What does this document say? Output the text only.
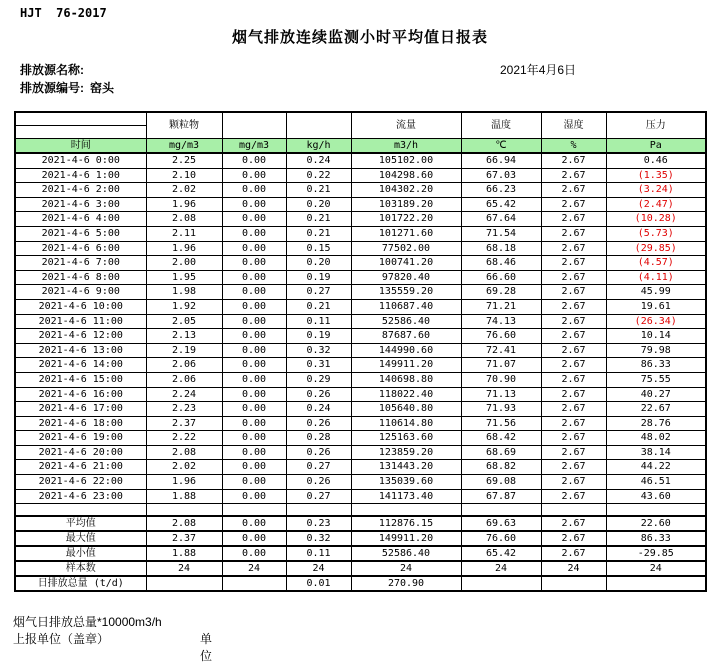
HJT  76-2017
烟气排放连续监测小时平均值日报表
排放源名称:	2021年4月6日
排放源编号: 窑头
	颗粒物			流量	温度	湿度	压力

时间	mg/m3	mg/m3	kg/h	m3/h	℃	%	Pa
2021-4-6 0:00	2.25	0.00	0.24	105102.00	66.94	2.67	0.46
2021-4-6 1:00	2.10	0.00	0.22	104298.60	67.03	2.67	(1.35)
2021-4-6 2:00	2.02	0.00	0.21	104302.20	66.23	2.67	(3.24)
2021-4-6 3:00	1.96	0.00	0.20	103189.20	65.42	2.67	(2.47)
2021-4-6 4:00	2.08	0.00	0.21	101722.20	67.64	2.67	(10.28)
2021-4-6 5:00	2.11	0.00	0.21	101271.60	71.54	2.67	(5.73)
2021-4-6 6:00	1.96	0.00	0.15	77502.00	68.18	2.67	(29.85)
2021-4-6 7:00	2.00	0.00	0.20	100741.20	68.46	2.67	(4.57)
2021-4-6 8:00	1.95	0.00	0.19	97820.40	66.60	2.67	(4.11)
2021-4-6 9:00	1.98	0.00	0.27	135559.20	69.28	2.67	45.99
2021-4-6 10:00	1.92	0.00	0.21	110687.40	71.21	2.67	19.61
2021-4-6 11:00	2.05	0.00	0.11	52586.40	74.13	2.67	(26.34)
2021-4-6 12:00	2.13	0.00	0.19	87687.60	76.60	2.67	10.14
2021-4-6 13:00	2.19	0.00	0.32	144990.60	72.41	2.67	79.98
2021-4-6 14:00	2.06	0.00	0.31	149911.20	71.07	2.67	86.33
2021-4-6 15:00	2.06	0.00	0.29	140698.80	70.90	2.67	75.55
2021-4-6 16:00	2.24	0.00	0.26	118022.40	71.13	2.67	40.27
2021-4-6 17:00	2.23	0.00	0.24	105640.80	71.93	2.67	22.67
2021-4-6 18:00	2.37	0.00	0.26	110614.80	71.56	2.67	28.76
2021-4-6 19:00	2.22	0.00	0.28	125163.60	68.42	2.67	48.02
2021-4-6 20:00	2.08	0.00	0.26	123859.20	68.69	2.67	38.14
2021-4-6 21:00	2.02	0.00	0.27	131443.20	68.82	2.67	44.22
2021-4-6 22:00	1.96	0.00	0.26	135039.60	69.08	2.67	46.51
2021-4-6 23:00	1.88	0.00	0.27	141173.40	67.87	2.67	43.60

平均值	2.08	0.00	0.23	112876.15	69.63	2.67	22.60
最大值	2.37	0.00	0.32	149911.20	76.60	2.67	86.33
最小值	1.88	0.00	0.11	52586.40	65.42	2.67	-29.85
样本数	24	24	24	24	24	24	24
日排放总量 (t/d)			0.01	270.90			
烟气日排放总量*10000m3/h
上报单位（盖章）	单位
